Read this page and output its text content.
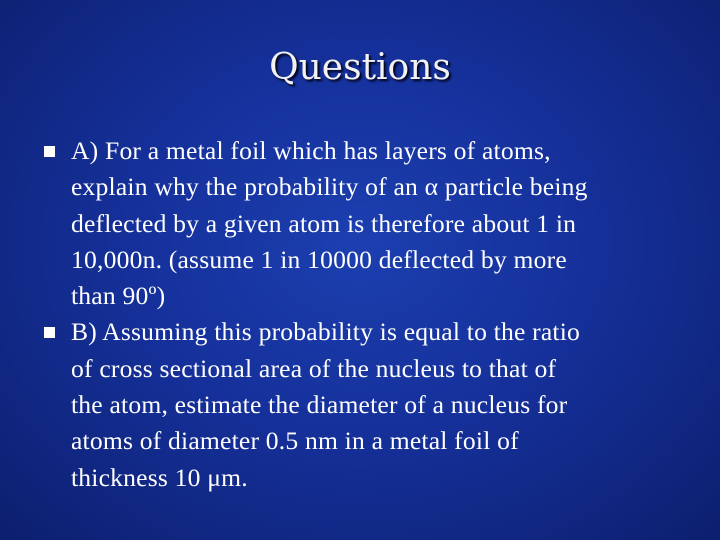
Questions
A) For a metal foil which has layers of atoms,
explain why the probability of an α particle being
deflected by a given atom is therefore about 1 in
10,000n. (assume 1 in 10000 deflected by more
than 90º)
B) Assuming this probability is equal to the ratio
of cross sectional area of the nucleus to that of
the atom, estimate the diameter of a nucleus for
atoms of diameter 0.5 nm in a metal foil of
thickness 10 μm.
